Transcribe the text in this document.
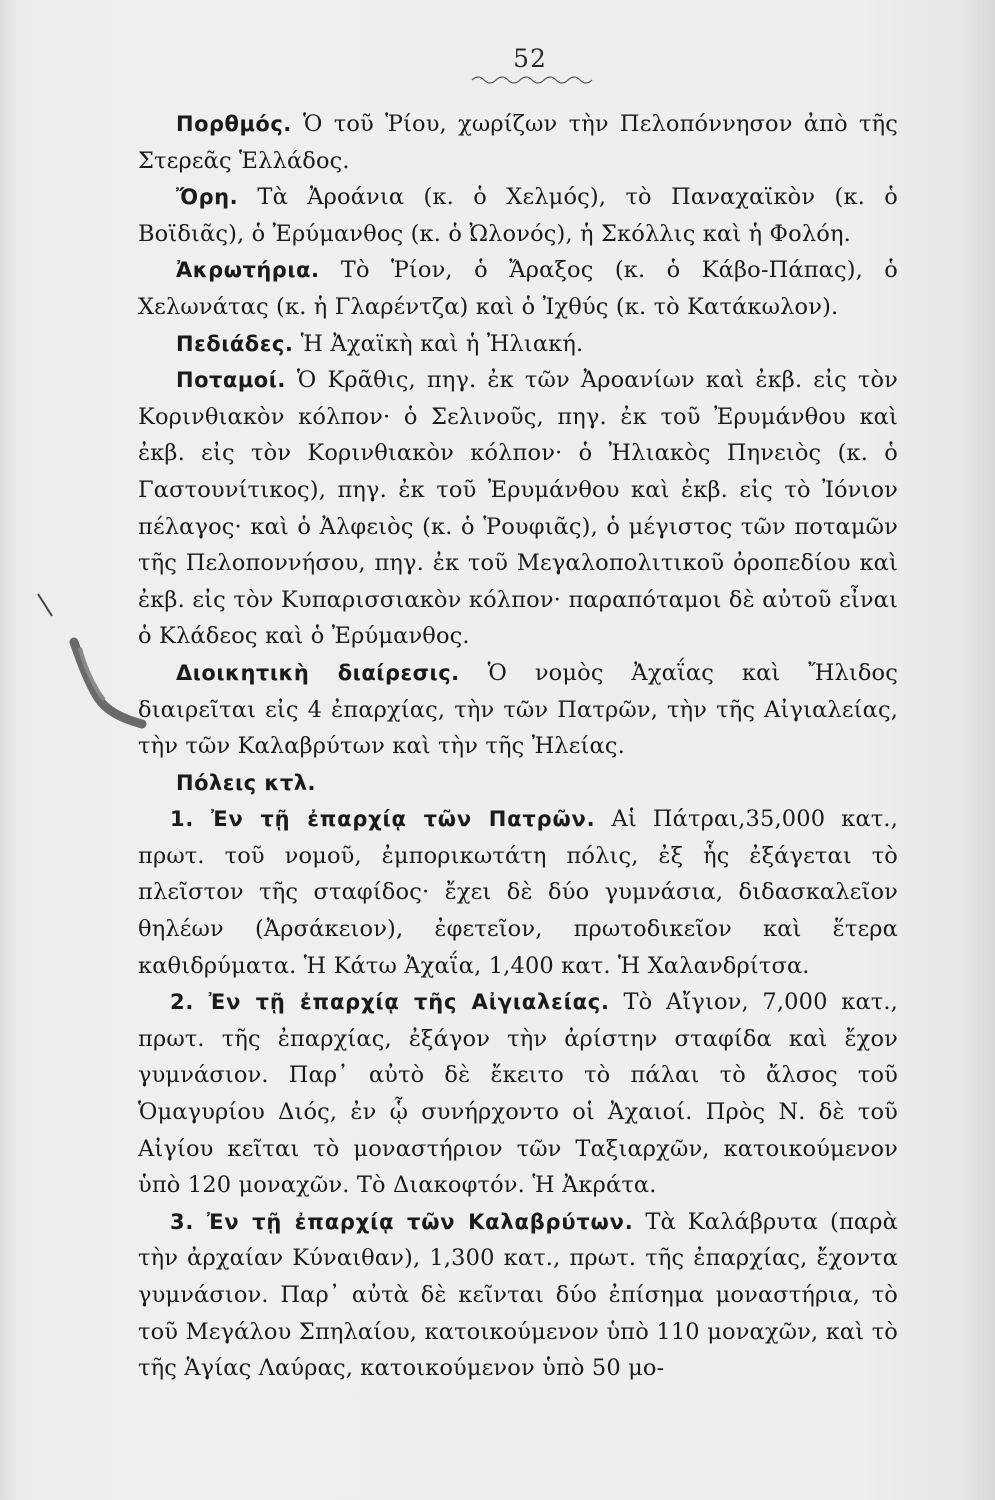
52

Πορθμός. Ὁ τοῦ Ῥίου, χωρίζων τὴν Πελοπόννησον ἀπὸ τῆς Στερεᾶς Ἑλλάδος.

Ὄρη. Τὰ Ἀροάνια (κ. ὁ Χελμός), τὸ Παναχαϊκὸν (κ. ὁ Βοϊδιᾶς), ὁ Ἐρύμανθος (κ. ὁ Ὠλονός), ἡ Σκόλλις καὶ ἡ Φολόη.

Ἀκρωτήρια. Τὸ Ῥίον, ὁ Ἄραξος (κ. ὁ Κάβο-Πάπας), ὁ Χελωνάτας (κ. ἡ Γλαρέντζα) καὶ ὁ Ἰχθύς (κ. τὸ Κατάκωλον).

Πεδιάδες. Ἡ Ἀχαϊκὴ καὶ ἡ Ἠλιακή.

Ποταμοί. Ὁ Κρᾶθις, πηγ. ἐκ τῶν Ἀροανίων καὶ ἐκβ. εἰς τὸν Κορινθιακὸν κόλπον· ὁ Σελινοῦς, πηγ. ἐκ τοῦ Ἐρυμάνθου καὶ ἐκβ. εἰς τὸν Κορινθιακὸν κόλπον· ὁ Ἠλιακὸς Πηνειὸς (κ. ὁ Γαστουνίτικος), πηγ. ἐκ τοῦ Ἐρυμάνθου καὶ ἐκβ. εἰς τὸ Ἰόνιον πέλαγος· καὶ ὁ Ἀλφειὸς (κ. ὁ Ῥουφιᾶς), ὁ μέγιστος τῶν ποταμῶν τῆς Πελοποννήσου, πηγ. ἐκ τοῦ Μεγαλοπολιτικοῦ ὀροπεδίου καὶ ἐκβ. εἰς τὸν Κυπαρισσιακὸν κόλπον· παραπόταμοι δὲ αὐτοῦ εἶναι ὁ Κλάδεος καὶ ὁ Ἐρύμανθος.

Διοικητικὴ διαίρεσις. Ὁ νομὸς Ἀχαΐας καὶ Ἤλιδος διαιρεῖται εἰς 4 ἐπαρχίας, τὴν τῶν Πατρῶν, τὴν τῆς Αἰγιαλείας, τὴν τῶν Καλαβρύτων καὶ τὴν τῆς Ἠλείας.

Πόλεις κτλ.

1. Ἐν τῇ ἐπαρχίᾳ τῶν Πατρῶν. Αἱ Πάτραι,35,000 κατ., πρωτ. τοῦ νομοῦ, ἐμπορικωτάτη πόλις, ἐξ ἧς ἐξάγεται τὸ πλεῖστον τῆς σταφίδος· ἔχει δὲ δύο γυμνάσια, διδασκαλεῖον θηλέων (Ἀρσάκειον), ἐφετεῖον, πρωτοδικεῖον καὶ ἕτερα καθιδρύματα. Ἡ Κάτω Ἀχαΐα, 1,400 κατ. Ἡ Χαλανδρίτσα.

2. Ἐν τῇ ἐπαρχίᾳ τῆς Αἰγιαλείας. Τὸ Αἴγιον, 7,000 κατ., πρωτ. τῆς ἐπαρχίας, ἐξάγον τὴν ἀρίστην σταφίδα καὶ ἔχον γυμνάσιον. Παρ᾽ αὐτὸ δὲ ἔκειτο τὸ πάλαι τὸ ἄλσος τοῦ Ὁμαγυρίου Διός, ἐν ᾧ συνήρχοντο οἱ Ἀχαιοί. Πρὸς Ν. δὲ τοῦ Αἰγίου κεῖται τὸ μοναστήριον τῶν Ταξιαρχῶν, κατοικούμενον ὑπὸ 120 μοναχῶν. Τὸ Διακοφτόν. Ἡ Ἀκράτα.

3. Ἐν τῇ ἐπαρχίᾳ τῶν Καλαβρύτων. Τὰ Καλάβρυτα (παρὰ τὴν ἀρχαίαν Κύναιθαν), 1,300 κατ., πρωτ. τῆς ἐπαρχίας, ἔχοντα γυμνάσιον. Παρ᾽ αὐτὰ δὲ κεῖνται δύο ἐπίσημα μοναστήρια, τὸ τοῦ Μεγάλου Σπηλαίου, κατοικούμενον ὑπὸ 110 μοναχῶν, καὶ τὸ τῆς Ἁγίας Λαύρας, κατοικούμενον ὑπὸ 50 μο-
